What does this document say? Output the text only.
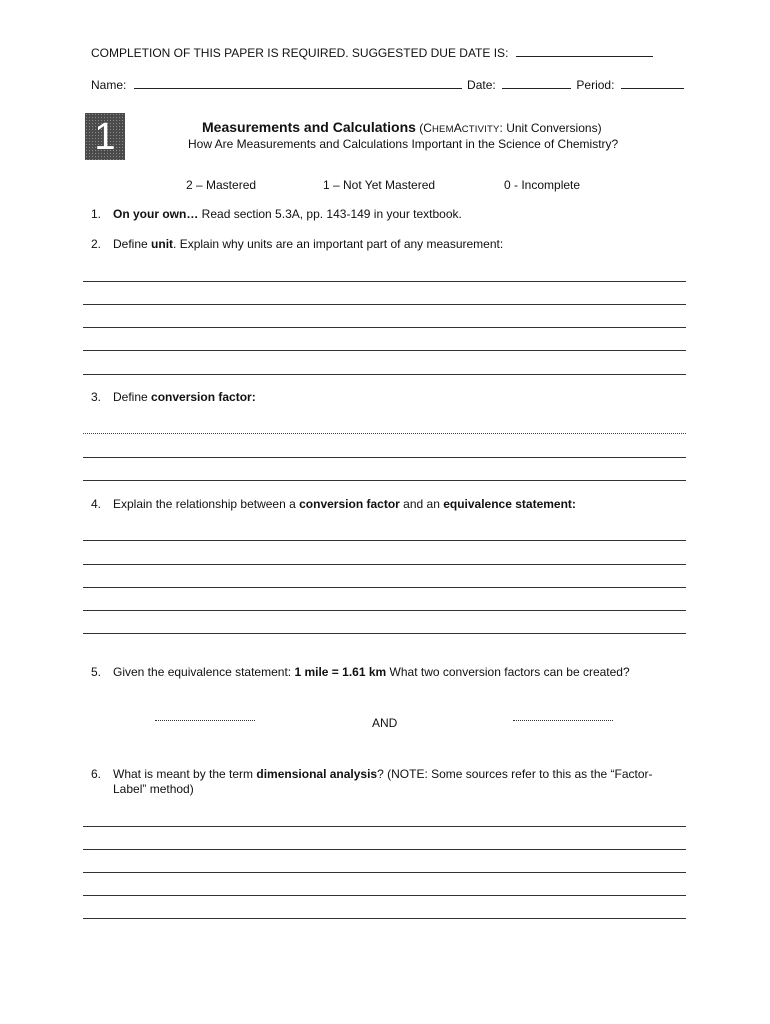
COMPLETION OF THIS PAPER IS REQUIRED. SUGGESTED DUE DATE IS:
Name:	Date:	Period:
1	Measurements and Calculations (CHEMACTIVITY: Unit Conversions)
How Are Measurements and Calculations Important in the Science of Chemistry?
2 – Mastered	1 – Not Yet Mastered	0 - Incomplete
1. On your own… Read section 5.3A, pp. 143-149 in your textbook.
2. Define unit. Explain why units are an important part of any measurement:
3. Define conversion factor:
4. Explain the relationship between a conversion factor and an equivalence statement:
5. Given the equivalence statement: 1 mile = 1.61 km What two conversion factors can be created?
AND
6. What is meant by the term dimensional analysis? (NOTE: Some sources refer to this as the “Factor-
Label” method)
